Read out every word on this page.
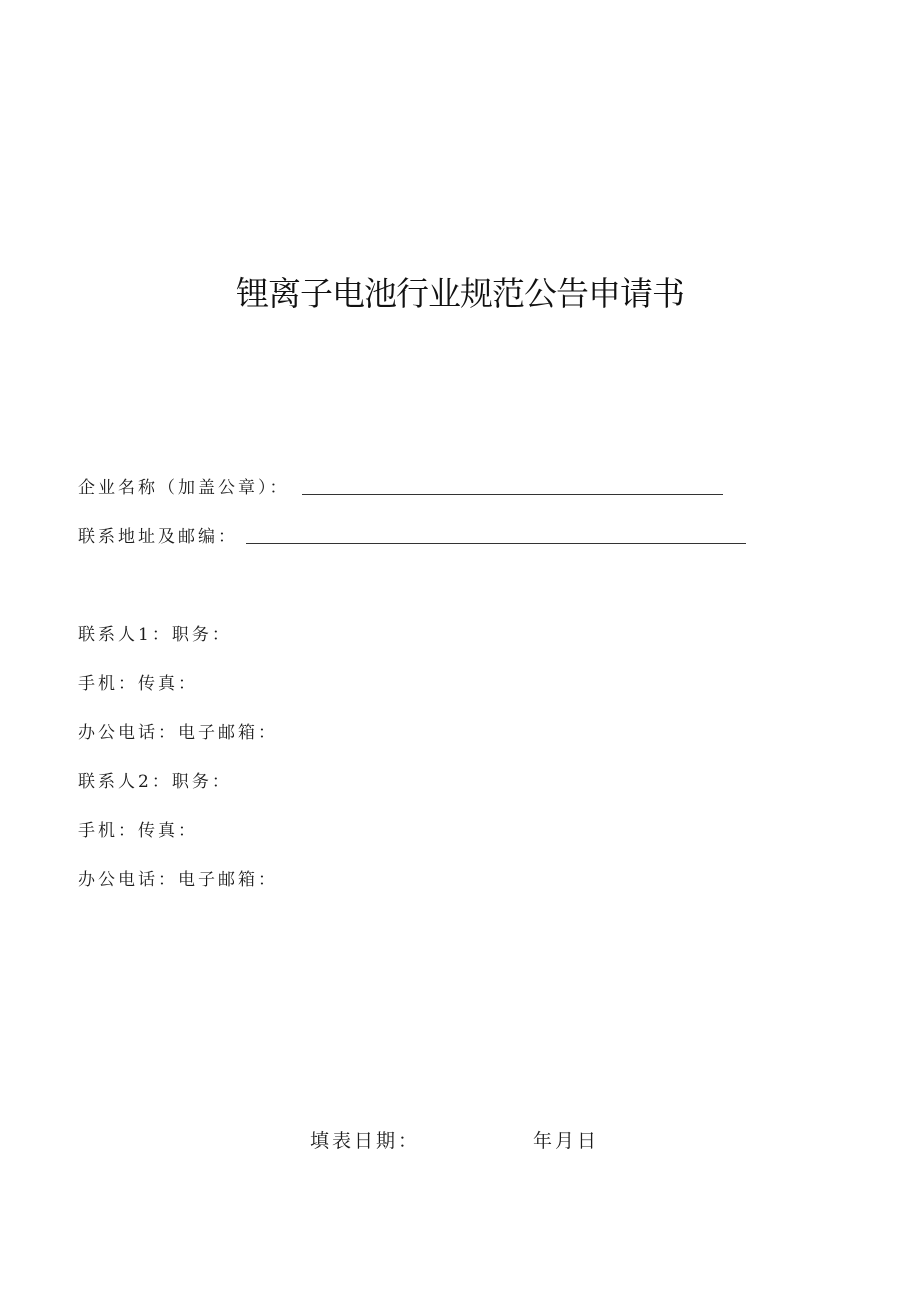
锂离子电池行业规范公告申请书
企业名称（加盖公章）：
联系地址及邮编：
联系人1：职务：
手机：传真：
办公电话：电子邮箱：
联系人2：职务：
手机：传真：
办公电话：电子邮箱：
填表日期：	年月日
